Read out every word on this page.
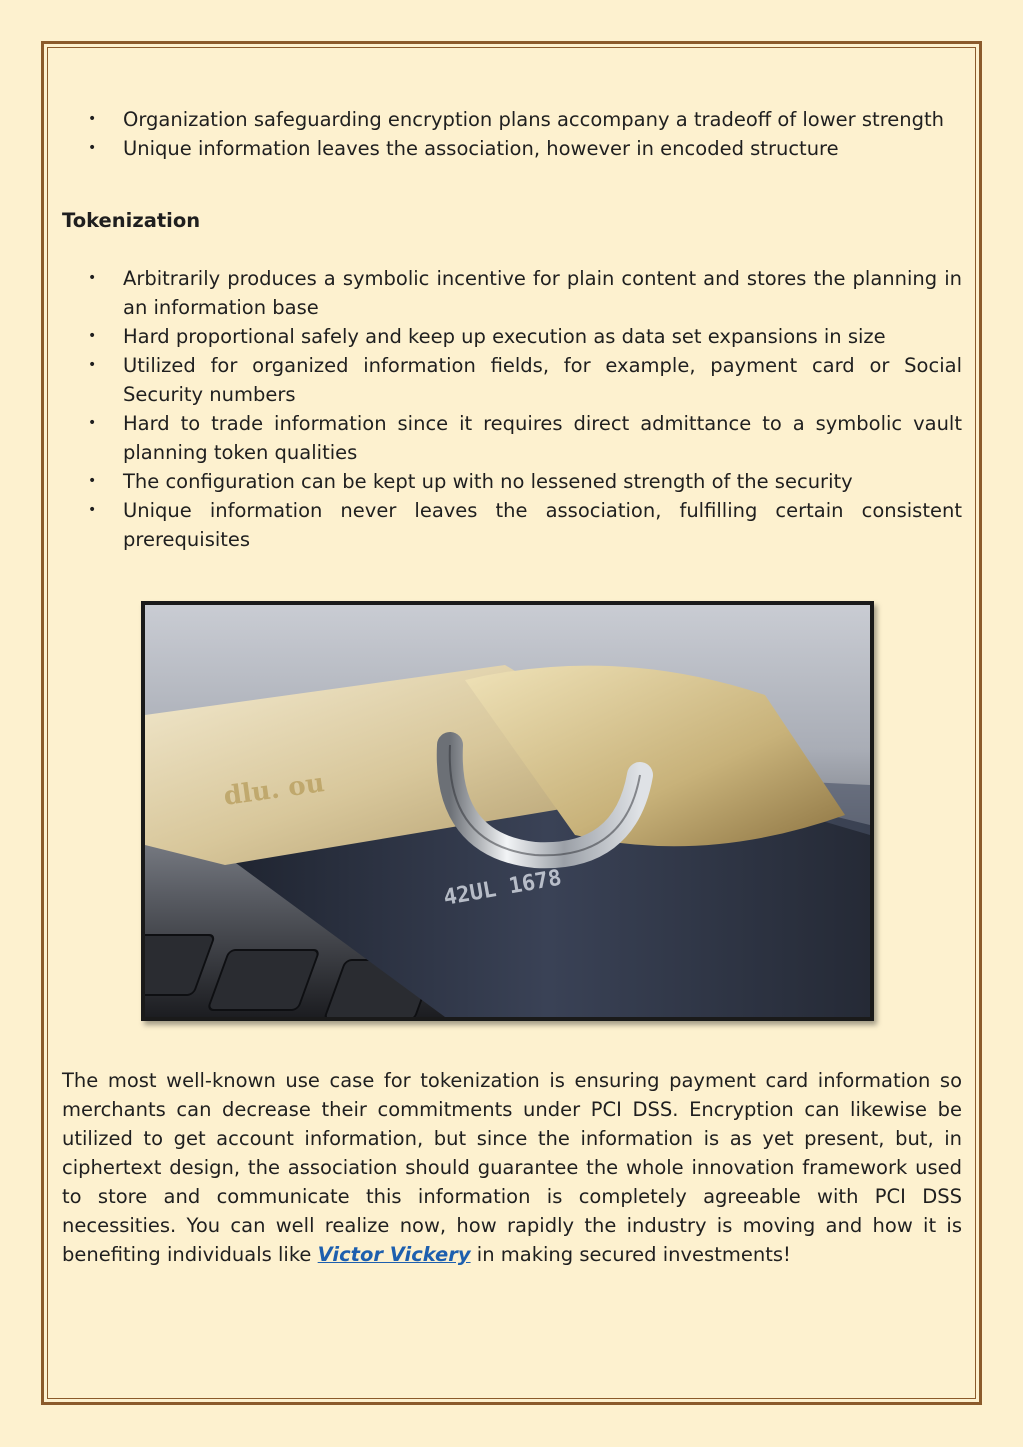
• Organization safeguarding encryption plans accompany a tradeoff of lower strength
• Unique information leaves the association, however in encoded structure

Tokenization

• Arbitrarily produces a symbolic incentive for plain content and stores the planning in an information base
• Hard proportional safely and keep up execution as data set expansions in size
• Utilized for organized information fields, for example, payment card or Social Security numbers
• Hard to trade information since it requires direct admittance to a symbolic vault planning token qualities
• The configuration can be kept up with no lessened strength of the security
• Unique information never leaves the association, fulfilling certain consistent prerequisites
42UL 1678
dlu. ou

The most well-known use case for tokenization is ensuring payment card information so merchants can decrease their commitments under PCI DSS. Encryption can likewise be utilized to get account information, but since the information is as yet present, but, in ciphertext design, the association should guarantee the whole innovation framework used to store and communicate this information is completely agreeable with PCI DSS necessities. You can well realize now, how rapidly the industry is moving and how it is benefiting individuals like Victor Vickery in making secured investments!
